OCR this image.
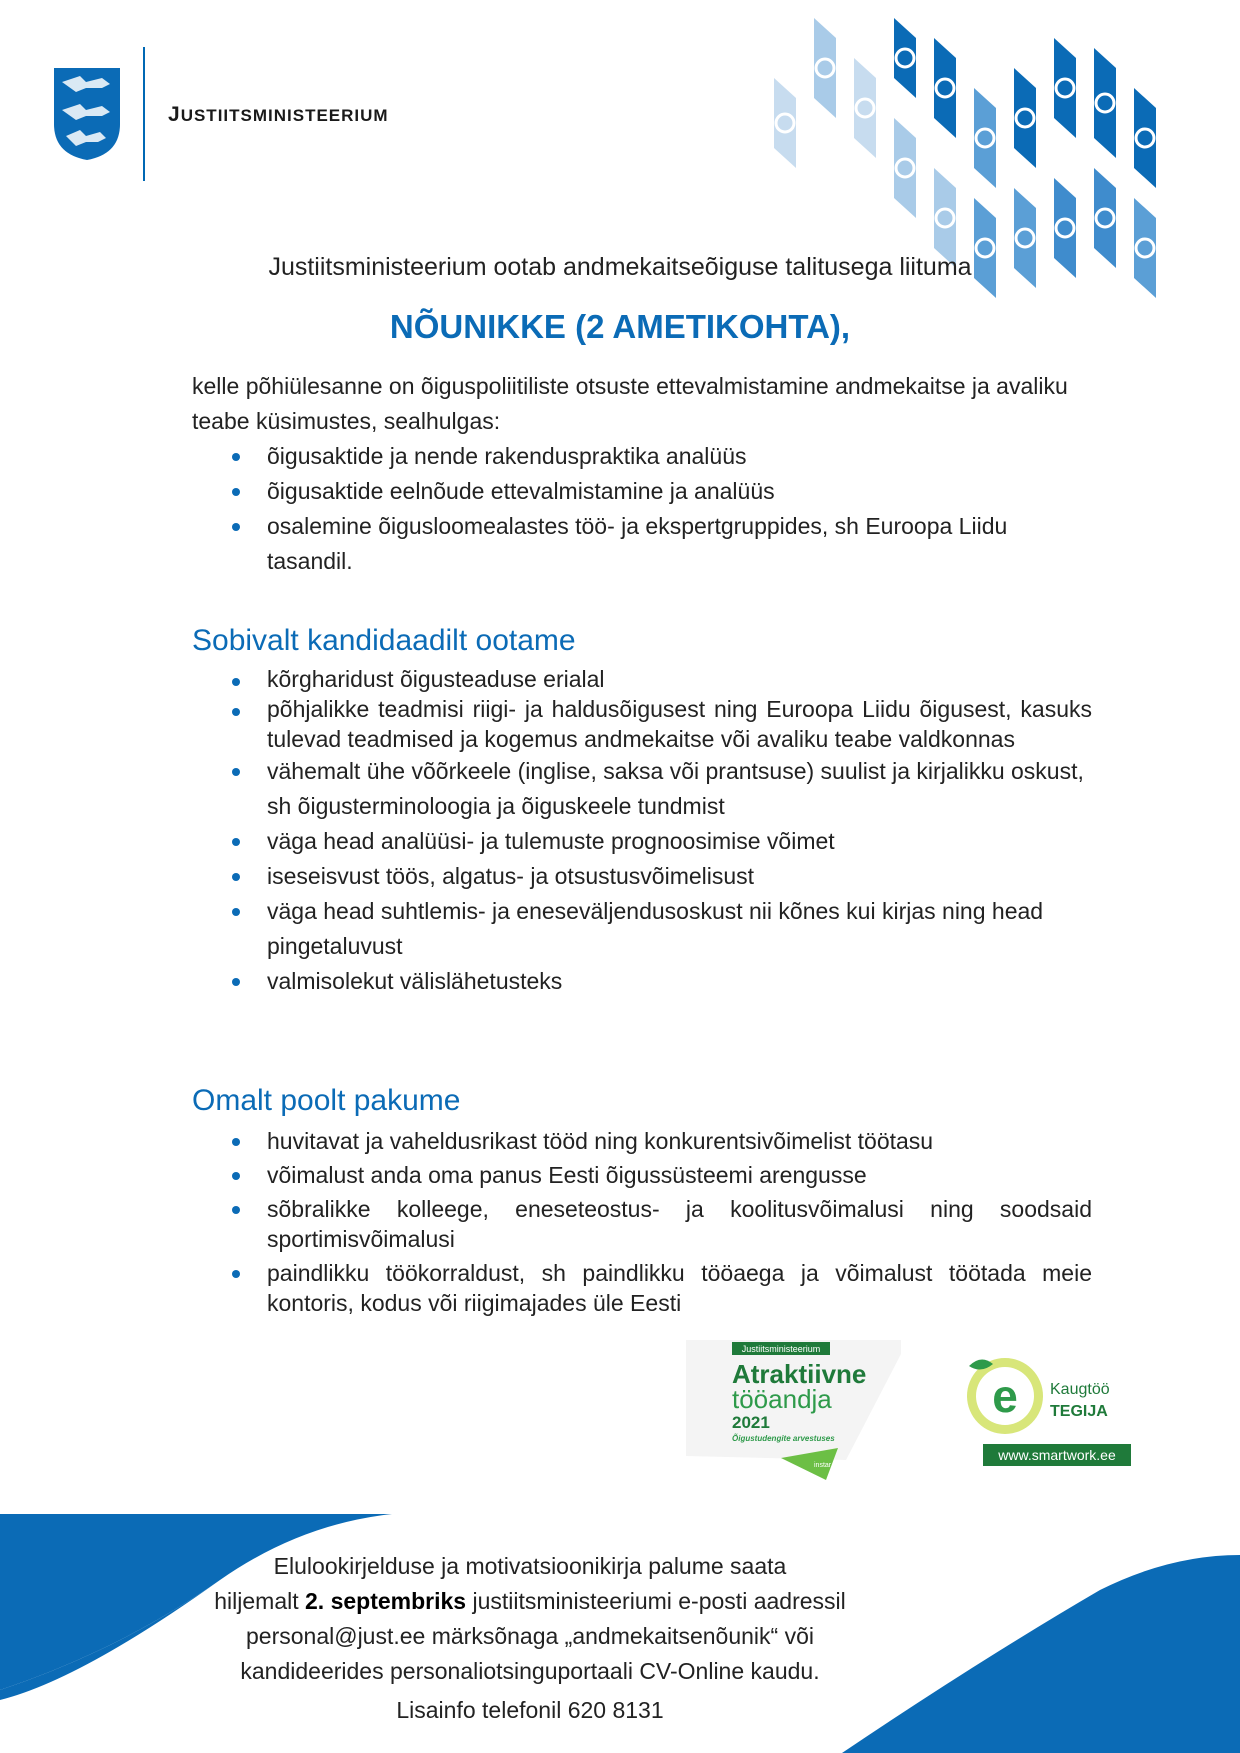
JUSTIITSMINISTEERIUM
Justiitsministeerium ootab andmekaitseõiguse talitusega liituma
NÕUNIKKE (2 AMETIKOHTA),
kelle põhiülesanne on õiguspoliitiliste otsuste ettevalmistamine andmekaitse ja avaliku teabe küsimustes, sealhulgas:
õigusaktide ja nende rakenduspraktika analüüs
õigusaktide eelnõude ettevalmistamine ja analüüs
osalemine õigusloomealastes töö- ja ekspertgruppides, sh Euroopa Liidu tasandil.
Sobivalt kandidaadilt ootame
kõrgharidust õigusteaduse erialal
põhjalikke teadmisi riigi- ja haldusõigusest ning Euroopa Liidu õigusest, kasuks tulevad teadmised ja kogemus andmekaitse või avaliku teabe valdkonnas
vähemalt ühe võõrkeele (inglise, saksa või prantsuse) suulist ja kirjalikku oskust, sh õigusterminoloogia ja õiguskeele tundmist
väga head analüüsi- ja tulemuste prognoosimise võimet
iseseisvust töös, algatus- ja otsustusvõimelisust
väga head suhtlemis- ja eneseväljendusoskust nii kõnes kui kirjas ning head pingetaluvust
valmisolekut välislähetusteks
Omalt poolt pakume
huvitavat ja vaheldusrikast tööd ning konkurentsivõimelist töötasu
võimalust anda oma panus Eesti õigussüsteemi arengusse
sõbralikke kolleege, eneseteostus- ja koolitusvõimalusi ning soodsaid sportimisvõimalusi
paindlikku töökorraldust, sh paindlikku tööaega ja võimalust töötada meie kontoris, kodus või riigimajades üle Eesti
Justiitsministeerium
Atraktiivne
tööandja
2021
Õigustudengite arvestuses
instar
e Kaugtöö
TEGIJA
www.smartwork.ee
Elulookirjelduse ja motivatsioonikirja palume saata
hiljemalt 2. septembriks justiitsministeeriumi e-posti aadressil
personal@just.ee märksõnaga „andmekaitsenõunik“ või
kandideerides personaliotsinguportaali CV-Online kaudu.
Lisainfo telefonil 620 8131
